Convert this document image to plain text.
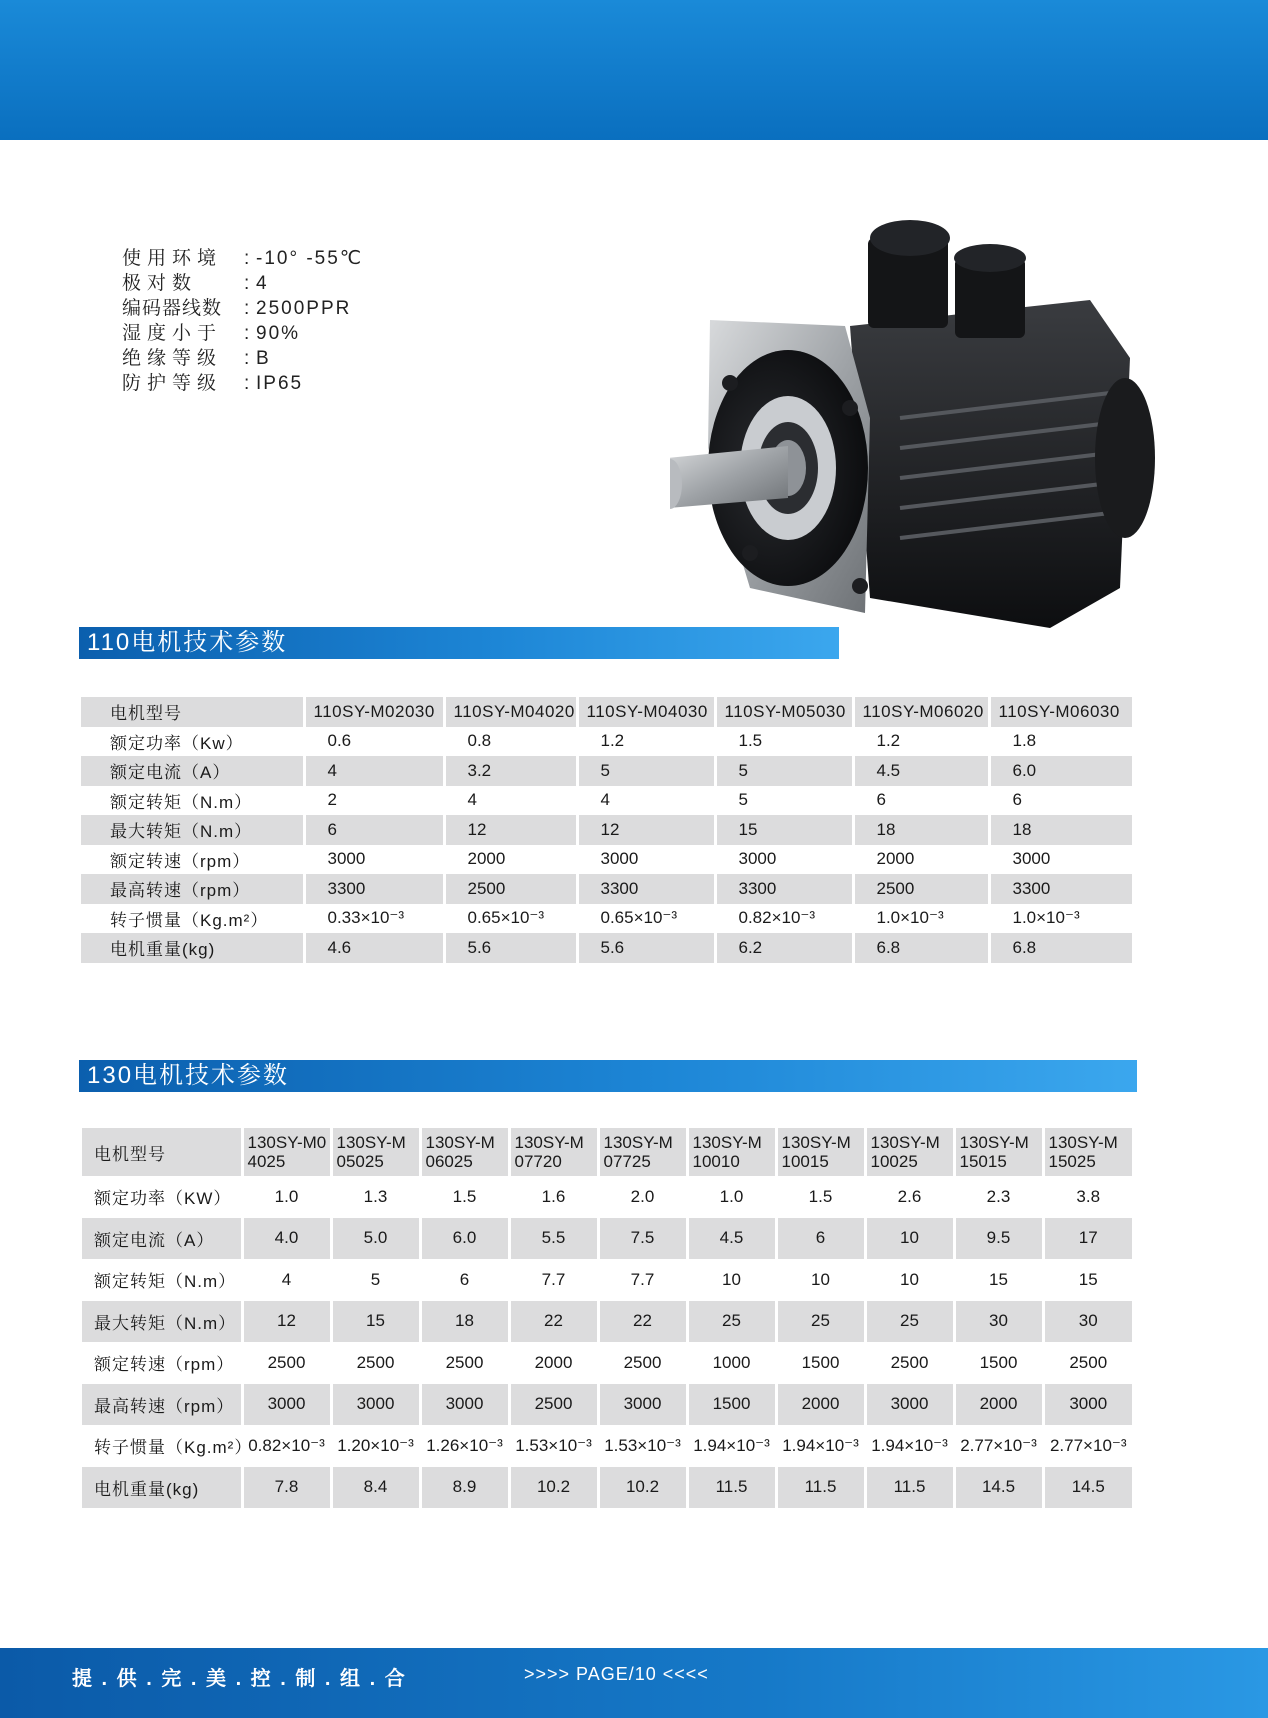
使用环境 : -10° -55℃
极对数 : 4
编码器线数 : 2500PPR
湿度小于 : 90%
绝缘等级 : B
防护等级 : IP65
110电机技术参数
电机型号	110SY-M02030	110SY-M04020	110SY-M04030	110SY-M05030	110SY-M06020	110SY-M06030
额定功率（Kw）	0.6	0.8	1.2	1.5	1.2	1.8
额定电流（A）	4	3.2	5	5	4.5	6.0
额定转矩（N.m）	2	4	4	5	6	6
最大转矩（N.m）	6	12	12	15	18	18
额定转速（rpm）	3000	2000	3000	3000	2000	3000
最高转速（rpm）	3300	2500	3300	3300	2500	3300
转子惯量（Kg.m²）	0.33×10⁻³	0.65×10⁻³	0.65×10⁻³	0.82×10⁻³	1.0×10⁻³	1.0×10⁻³
电机重量(kg)	4.6	5.6	5.6	6.2	6.8	6.8
130电机技术参数
电机型号	130SY-M0 4025	130SY-M 05025	130SY-M 06025	130SY-M 07720	130SY-M 07725	130SY-M 10010	130SY-M 10015	130SY-M 10025	130SY-M 15015	130SY-M 15025
额定功率（KW）	1.0	1.3	1.5	1.6	2.0	1.0	1.5	2.6	2.3	3.8
额定电流（A）	4.0	5.0	6.0	5.5	7.5	4.5	6	10	9.5	17
额定转矩（N.m）	4	5	6	7.7	7.7	10	10	10	15	15
最大转矩（N.m）	12	15	18	22	22	25	25	25	30	30
额定转速（rpm）	2500	2500	2500	2000	2500	1000	1500	2500	1500	2500
最高转速（rpm）	3000	3000	3000	2500	3000	1500	2000	3000	2000	3000
转子惯量（Kg.m²）	0.82×10⁻³	1.20×10⁻³	1.26×10⁻³	1.53×10⁻³	1.53×10⁻³	1.94×10⁻³	1.94×10⁻³	1.94×10⁻³	2.77×10⁻³	2.77×10⁻³
电机重量(kg)	7.8	8.4	8.9	10.2	10.2	11.5	11.5	11.5	14.5	14.5
提 . 供 . 完 . 美 . 控 . 制 . 组 . 合	>>>> PAGE/10 <<<<
